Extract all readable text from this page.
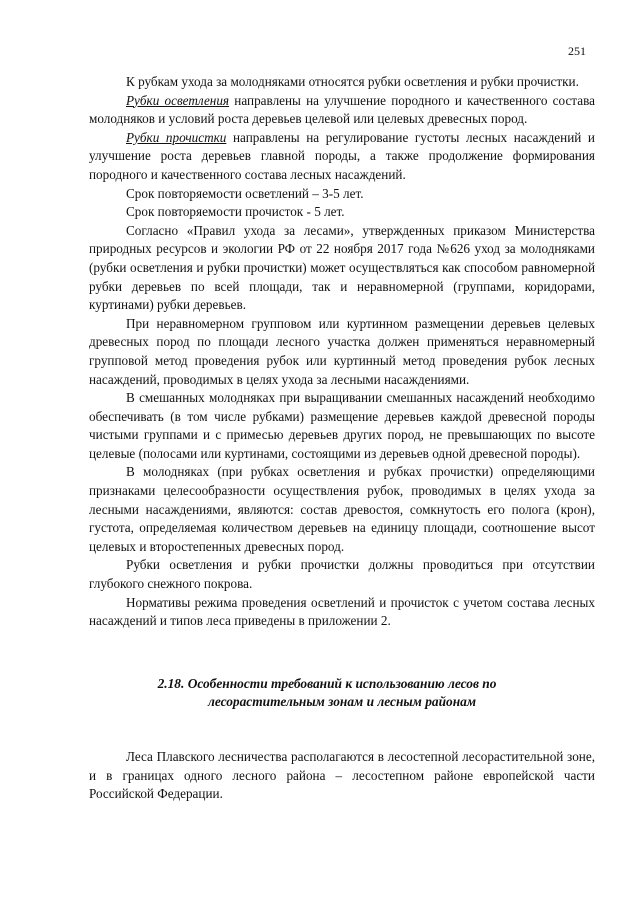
251

К рубкам ухода за молодняками относятся рубки осветления и рубки прочистки.

Рубки осветления направлены на улучшение породного и качественного состава молодняков и условий роста деревьев целевой или целевых древесных пород.

Рубки прочистки направлены на регулирование густоты лесных насаждений и улучшение роста деревьев главной породы, а также продолжение формирования породного и качественного состава лесных насаждений.

Срок повторяемости осветлений – 3-5 лет.

Срок повторяемости прочисток - 5 лет.

Согласно «Правил ухода за лесами», утвержденных приказом Министерства природных ресурсов и экологии РФ от 22 ноября 2017 года №626 уход за молодняками (рубки осветления и рубки прочистки) может осуществляться как способом равномерной рубки деревьев по всей площади, так и неравномерной (группами, коридорами, куртинами) рубки деревьев.

При неравномерном групповом или куртинном размещении деревьев целевых древесных пород по площади лесного участка должен применяться неравномерный групповой метод проведения рубок или куртинный метод проведения рубок лесных насаждений, проводимых в целях ухода за лесными насаждениями.

В смешанных молодняках при выращивании смешанных насаждений необходимо обеспечивать (в том числе рубками) размещение деревьев каждой древесной породы чистыми группами и с примесью деревьев других пород, не превышающих по высоте целевые (полосами или куртинами, состоящими из деревьев одной древесной породы).

В молодняках (при рубках осветления и рубках прочистки) определяющими признаками целесообразности осуществления рубок, проводимых в целях ухода за лесными насаждениями, являются: состав древостоя, сомкнутость его полога (крон), густота, определяемая количеством деревьев на единицу площади, соотношение высот целевых и второстепенных древесных пород.

Рубки осветления и рубки прочистки должны проводиться при отсутствии глубокого снежного покрова.

Нормативы режима проведения осветлений и прочисток с учетом состава лесных насаждений и типов леса приведены в приложении 2.

2.18. Особенности требований к использованию лесов по
лесорастительным зонам и лесным районам

Леса Плавского лесничества располагаются в лесостепной лесорастительной зоне, и в границах одного лесного района – лесостепном районе европейской части Российской Федерации.
